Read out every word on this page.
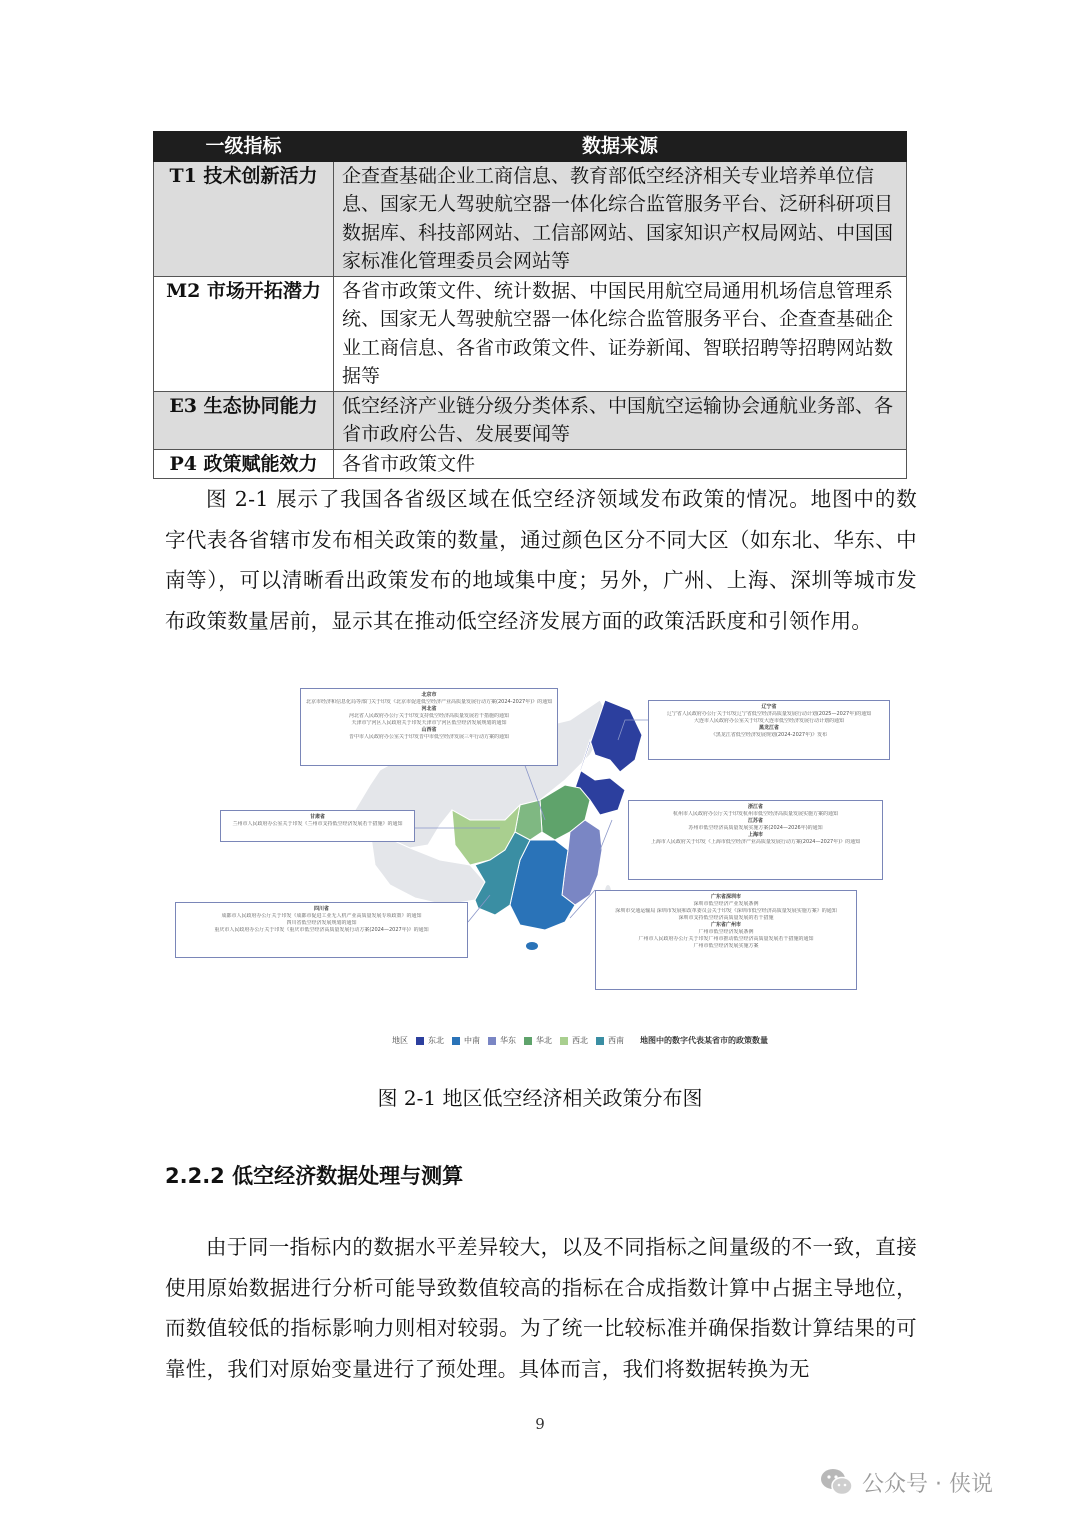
一级指标	数据来源
T1 技术创新活力	企查查基础企业工商信息、教育部低空经济相关专业培养单位信息、国家无人驾驶航空器一体化综合监管服务平台、泛研科研项目数据库、科技部网站、工信部网站、国家知识产权局网站、中国国家标准化管理委员会网站等
M2 市场开拓潜力	各省市政策文件、统计数据、中国民用航空局通用机场信息管理系统、国家无人驾驶航空器一体化综合监管服务平台、企查查基础企业工商信息、各省市政策文件、证券新闻、智联招聘等招聘网站数据等
E3 生态协同能力	低空经济产业链分级分类体系、中国航空运输协会通航业务部、各省市政府公告、发展要闻等
P4 政策赋能效力	各省市政策文件

图 2-1 展示了我国各省级区域在低空经济领域发布政策的情况。地图中的数字代表各省辖市发布相关政策的数量，通过颜色区分不同大区（如东北、华东、中南等），可以清晰看出政策发布的地域集中度；另外，广州、上海、深圳等城市发布政策数量居前，显示其在推动低空经济发展方面的政策活跃度和引领作用。

北京市
北京市经济和信息化局等部门关于印发《北京市促进低空经济产业高质量发展行动方案(2024-2027年)》的通知
河北省
河北省人民政府办公厅关于印发支持低空经济高质量发展若干措施的通知
天津市宁河区人民政府关于印发天津市宁河区低空经济发展规划的通知
山西省
晋中市人民政府办公室关于印发晋中市低空经济发展三年行动方案的通知
辽宁省
辽宁省人民政府办公厅关于印发辽宁省低空经济高质量发展行动计划(2025—2027年)的通知
大连市人民政府办公室关于印发大连市低空经济发展行动计划的通知
黑龙江省
《黑龙江省低空经济发展规划(2024-2027年)》发布
甘肃省
兰州市人民政府办公室关于印发《兰州市支持低空经济发展若干措施》的通知
浙江省
杭州市人民政府办公厅关于印发杭州市低空经济高质量发展实施方案的通知
江苏省
苏州市低空经济高质量发展实施方案(2024—2026年)的通知
上海市
上海市人民政府关于印发《上海市低空经济产业高质量发展行动方案(2024—2027年)》的通知
四川省
成都市人民政府办公厅关于印发《成都市促进工业无人机产业高质量发展专项政策》的通知
四川省低空经济发展规划的通知
重庆市人民政府办公厅关于印发《重庆市低空经济高质量发展行动方案(2024—2027年)》的通知
广东省深圳市
深圳市低空经济产业发展条例
深圳市交通运输局 深圳市发展和改革委员会关于印发《深圳市低空经济高质量发展实施方案》的通知
深圳市支持低空经济高质量发展的若干措施
广东省广州市
广州市低空经济发展条例
广州市人民政府办公厅关于印发广州市推动低空经济高质量发展若干措施的通知
广州市低空经济发展实施方案
地区	东北	中南	华东	华北	西北	西南 地图中的数字代表某省市的政策数量

图 2-1 地区低空经济相关政策分布图

2.2.2 低空经济数据处理与测算

由于同一指标内的数据水平差异较大，以及不同指标之间量级的不一致，直接使用原始数据进行分析可能导致数值较高的指标在合成指数计算中占据主导地位，而数值较低的指标影响力则相对较弱。为了统一比较标准并确保指数计算结果的可靠性，我们对原始变量进行了预处理。具体而言，我们将数据转换为无

9
公众号 · 侠说
